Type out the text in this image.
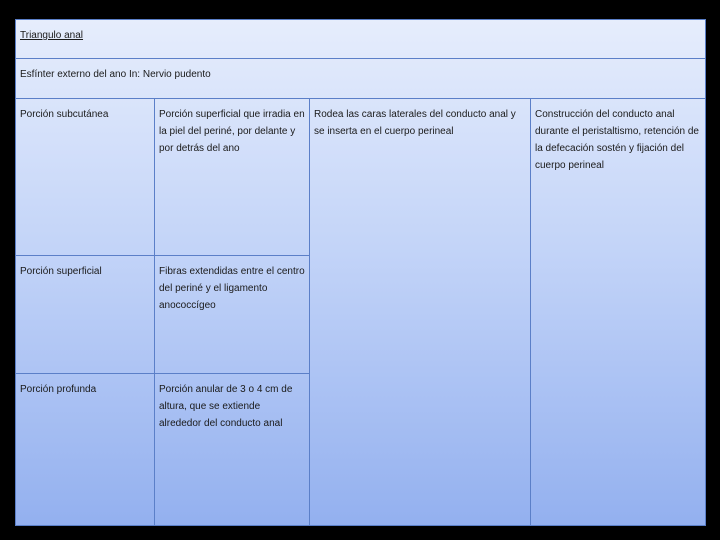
Triangulo anal			
Esfínter externo del ano In: Nervio pudento			
Porción subcutánea	Porción superficial que irradia en la piel del periné, por delante y por detrás del ano	Rodea las caras laterales del conducto anal y se inserta en el cuerpo perineal	Construcción del conducto anal durante el peristaltismo, retención de la defecación sostén y fijación del cuerpo perineal
Porción superficial	Fibras extendidas entre el centro del periné y el ligamento anococcígeo		
Porción profunda	Porción anular de 3 o 4 cm de altura, que se extiende alrededor del conducto anal		
